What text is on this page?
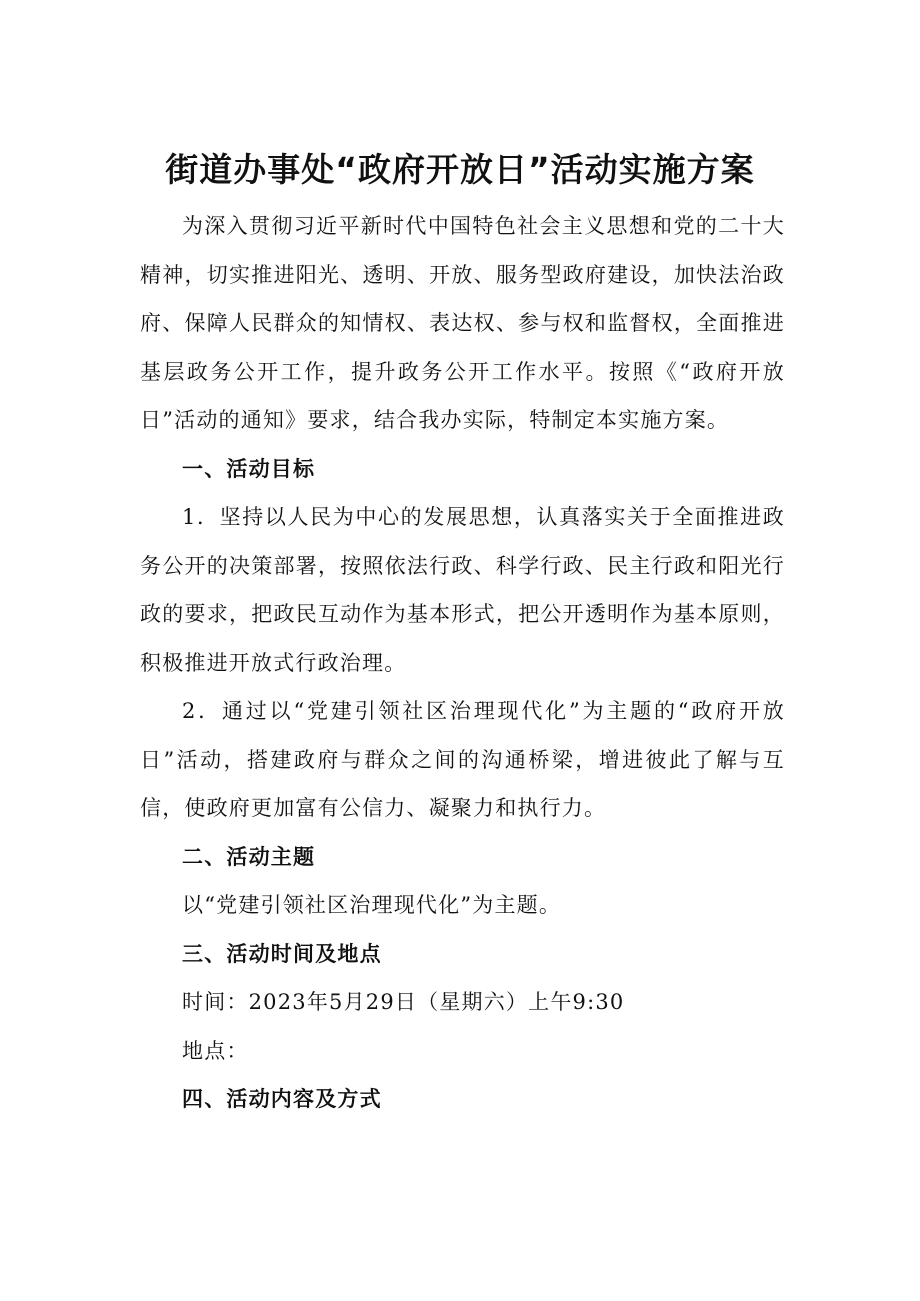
街道办事处“政府开放日”活动实施方案

为深入贯彻习近平新时代中国特色社会主义思想和党的二十大精神，切实推进阳光、透明、开放、服务型政府建设，加快法治政府、保障人民群众的知情权、表达权、参与权和监督权，全面推进基层政务公开工作，提升政务公开工作水平。按照《“政府开放日”活动的通知》要求，结合我办实际，特制定本实施方案。

一、活动目标

1．坚持以人民为中心的发展思想，认真落实关于全面推进政务公开的决策部署，按照依法行政、科学行政、民主行政和阳光行政的要求，把政民互动作为基本形式，把公开透明作为基本原则，积极推进开放式行政治理。

2．通过以“党建引领社区治理现代化”为主题的“政府开放日”活动，搭建政府与群众之间的沟通桥梁，增进彼此了解与互信，使政府更加富有公信力、凝聚力和执行力。

二、活动主题

以“党建引领社区治理现代化”为主题。

三、活动时间及地点

时间：2023年5月29日（星期六）上午9:30

地点：

四、活动内容及方式
